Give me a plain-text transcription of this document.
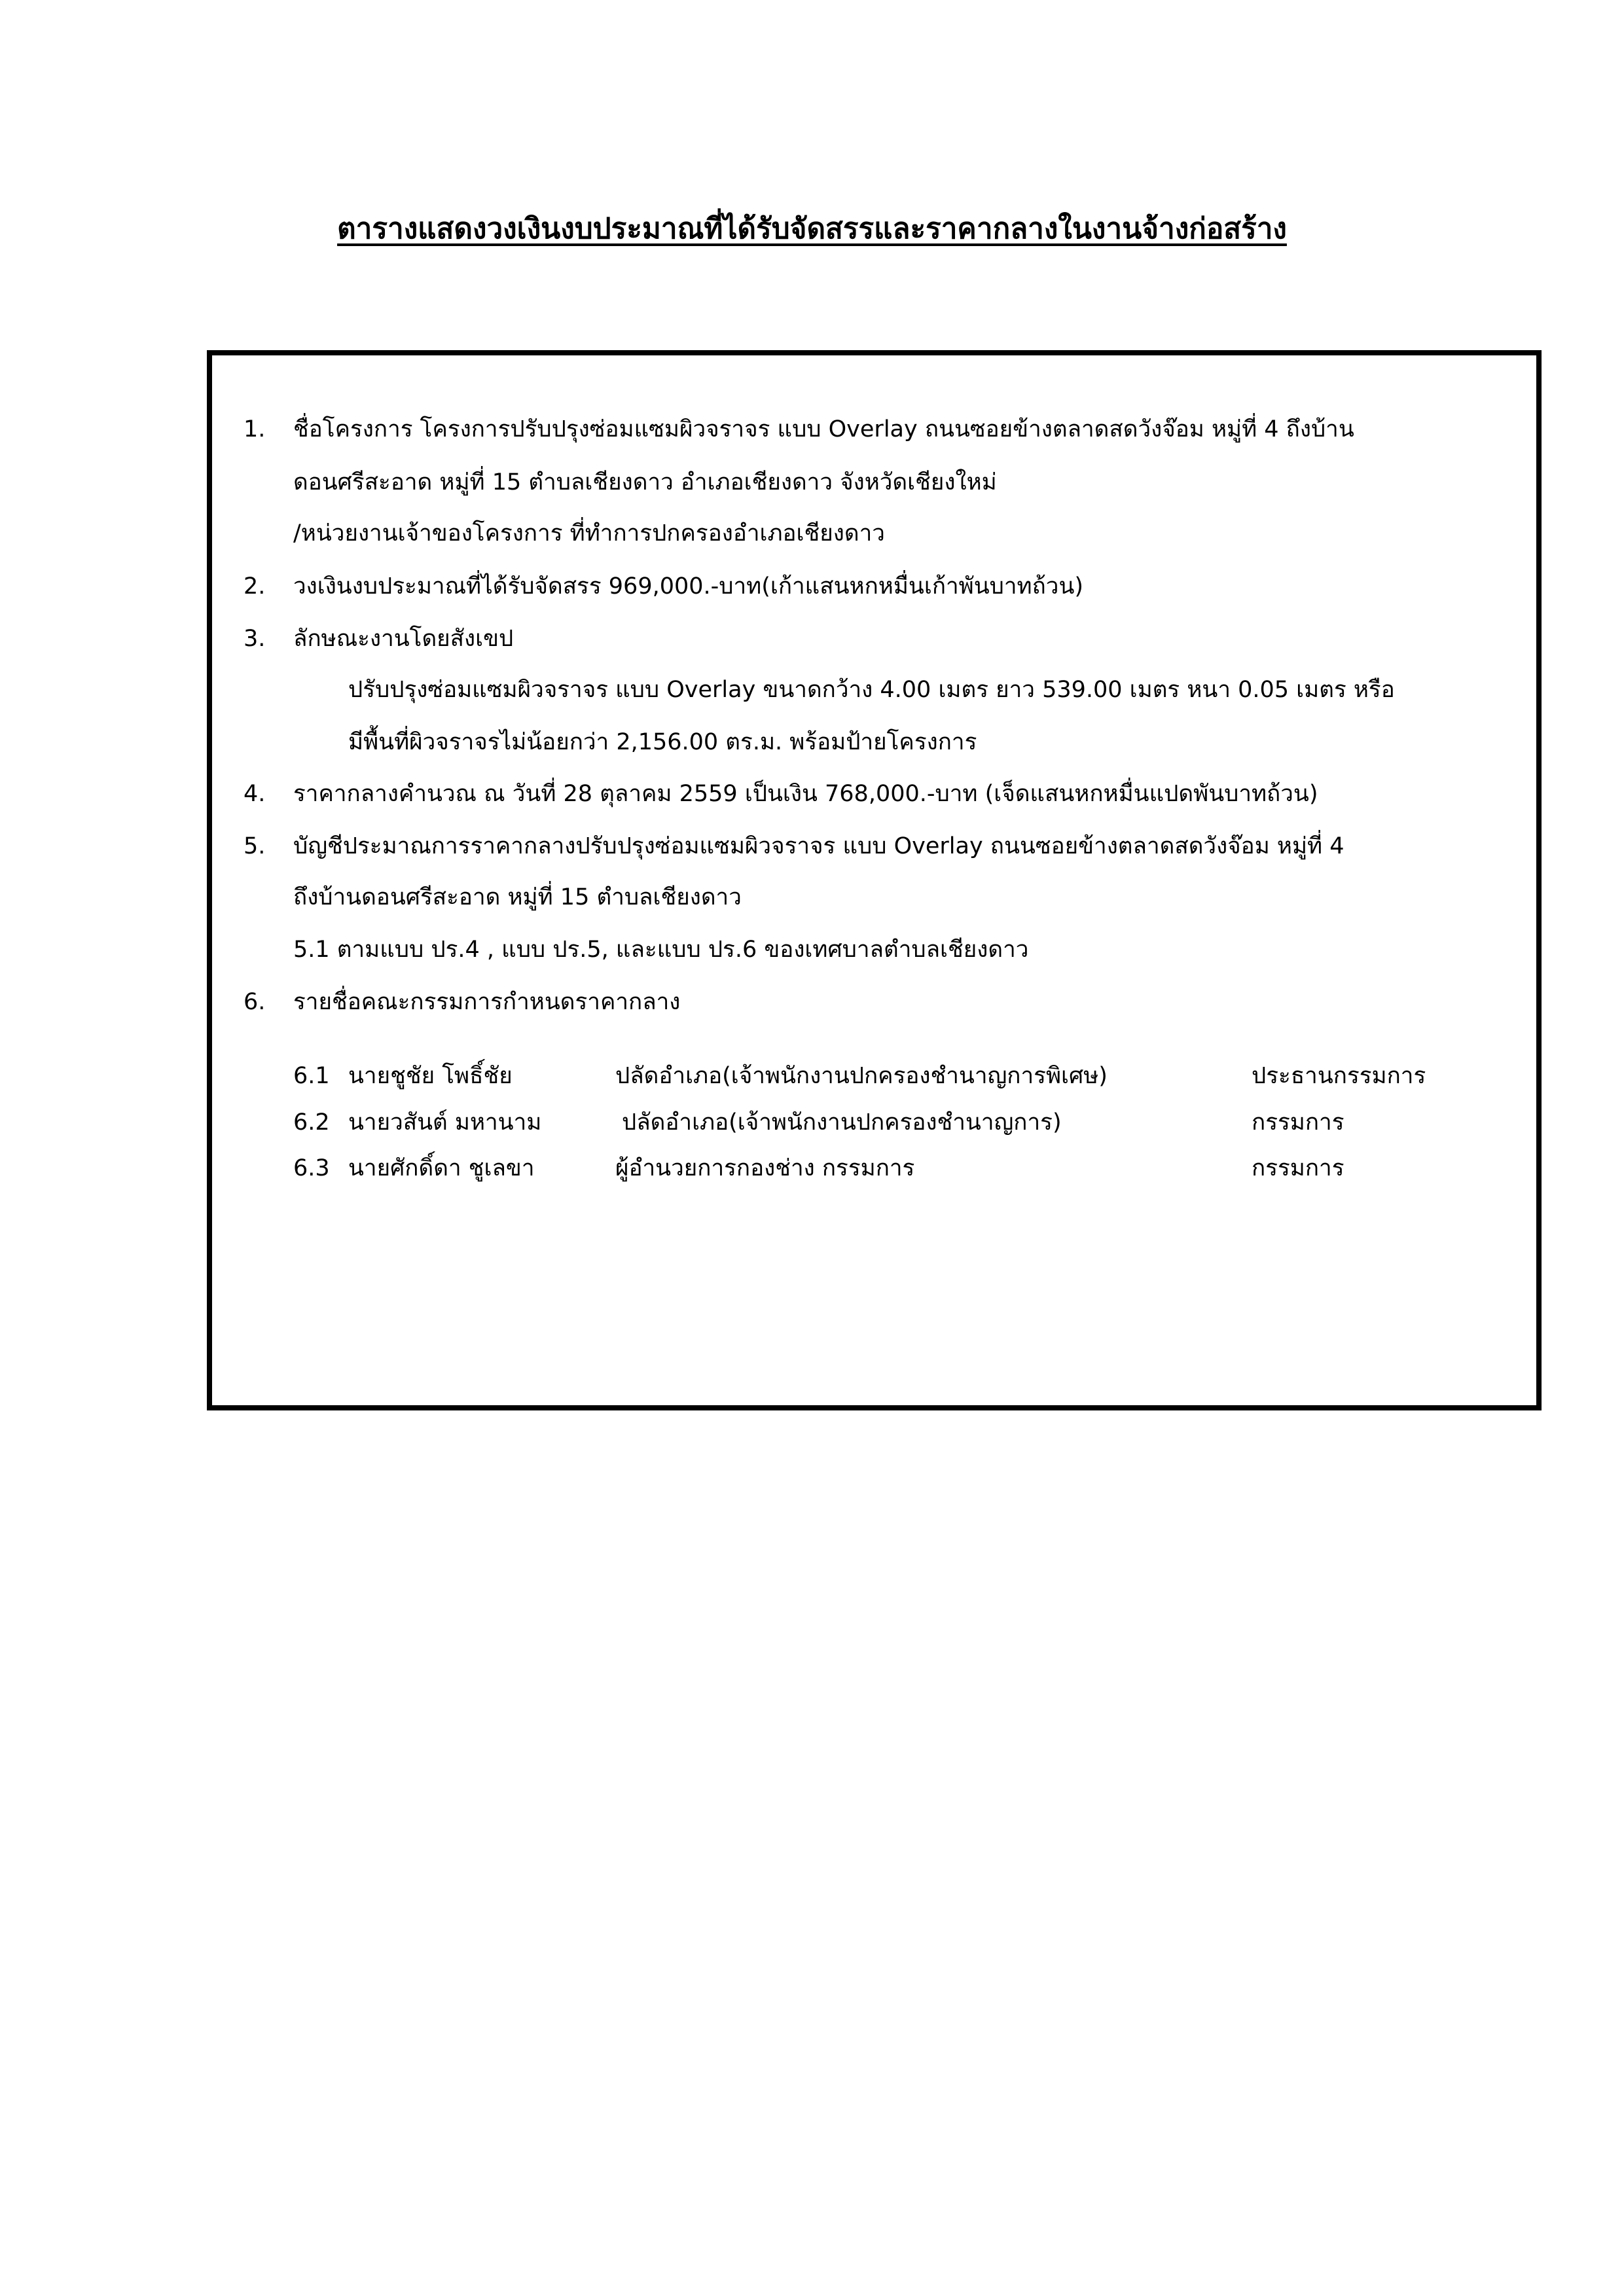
ตารางแสดงวงเงินงบประมาณที่ได้รับจัดสรรและราคากลางในงานจ้างก่อสร้าง
1. ชื่อโครงการ โครงการปรับปรุงซ่อมแซมผิวจราจร แบบ Overlay ถนนซอยข้างตลาดสดวังจ๊อม หมู่ที่ 4 ถึงบ้าน
ดอนศรีสะอาด หมู่ที่ 15 ตำบลเชียงดาว อำเภอเชียงดาว จังหวัดเชียงใหม่
/หน่วยงานเจ้าของโครงการ ที่ทำการปกครองอำเภอเชียงดาว
2. วงเงินงบประมาณที่ได้รับจัดสรร 969,000.-บาท(เก้าแสนหกหมื่นเก้าพันบาทถ้วน)
3. ลักษณะงานโดยสังเขป
ปรับปรุงซ่อมแซมผิวจราจร แบบ Overlay ขนาดกว้าง 4.00 เมตร ยาว 539.00 เมตร หนา 0.05 เมตร หรือ
มีพื้นที่ผิวจราจรไม่น้อยกว่า 2,156.00 ตร.ม. พร้อมป้ายโครงการ
4. ราคากลางคำนวณ ณ วันที่ 28 ตุลาคม 2559 เป็นเงิน 768,000.-บาท (เจ็ดแสนหกหมื่นแปดพันบาทถ้วน)
5. บัญชีประมาณการราคากลางปรับปรุงซ่อมแซมผิวจราจร แบบ Overlay ถนนซอยข้างตลาดสดวังจ๊อม หมู่ที่ 4
ถึงบ้านดอนศรีสะอาด หมู่ที่ 15 ตำบลเชียงดาว
5.1 ตามแบบ ปร.4 , แบบ ปร.5, และแบบ ปร.6 ของเทศบาลตำบลเชียงดาว
6. รายชื่อคณะกรรมการกำหนดราคากลาง
6.1 นายชูชัย โพธิ์ชัย	ปลัดอำเภอ(เจ้าพนักงานปกครองชำนาญการพิเศษ)	ประธานกรรมการ
6.2 นายวสันต์ มหานาม	ปลัดอำเภอ(เจ้าพนักงานปกครองชำนาญการ)	กรรมการ
6.3 นายศักดิ์ดา ชูเลขา	ผู้อำนวยการกองช่าง กรรมการ	กรรมการ
